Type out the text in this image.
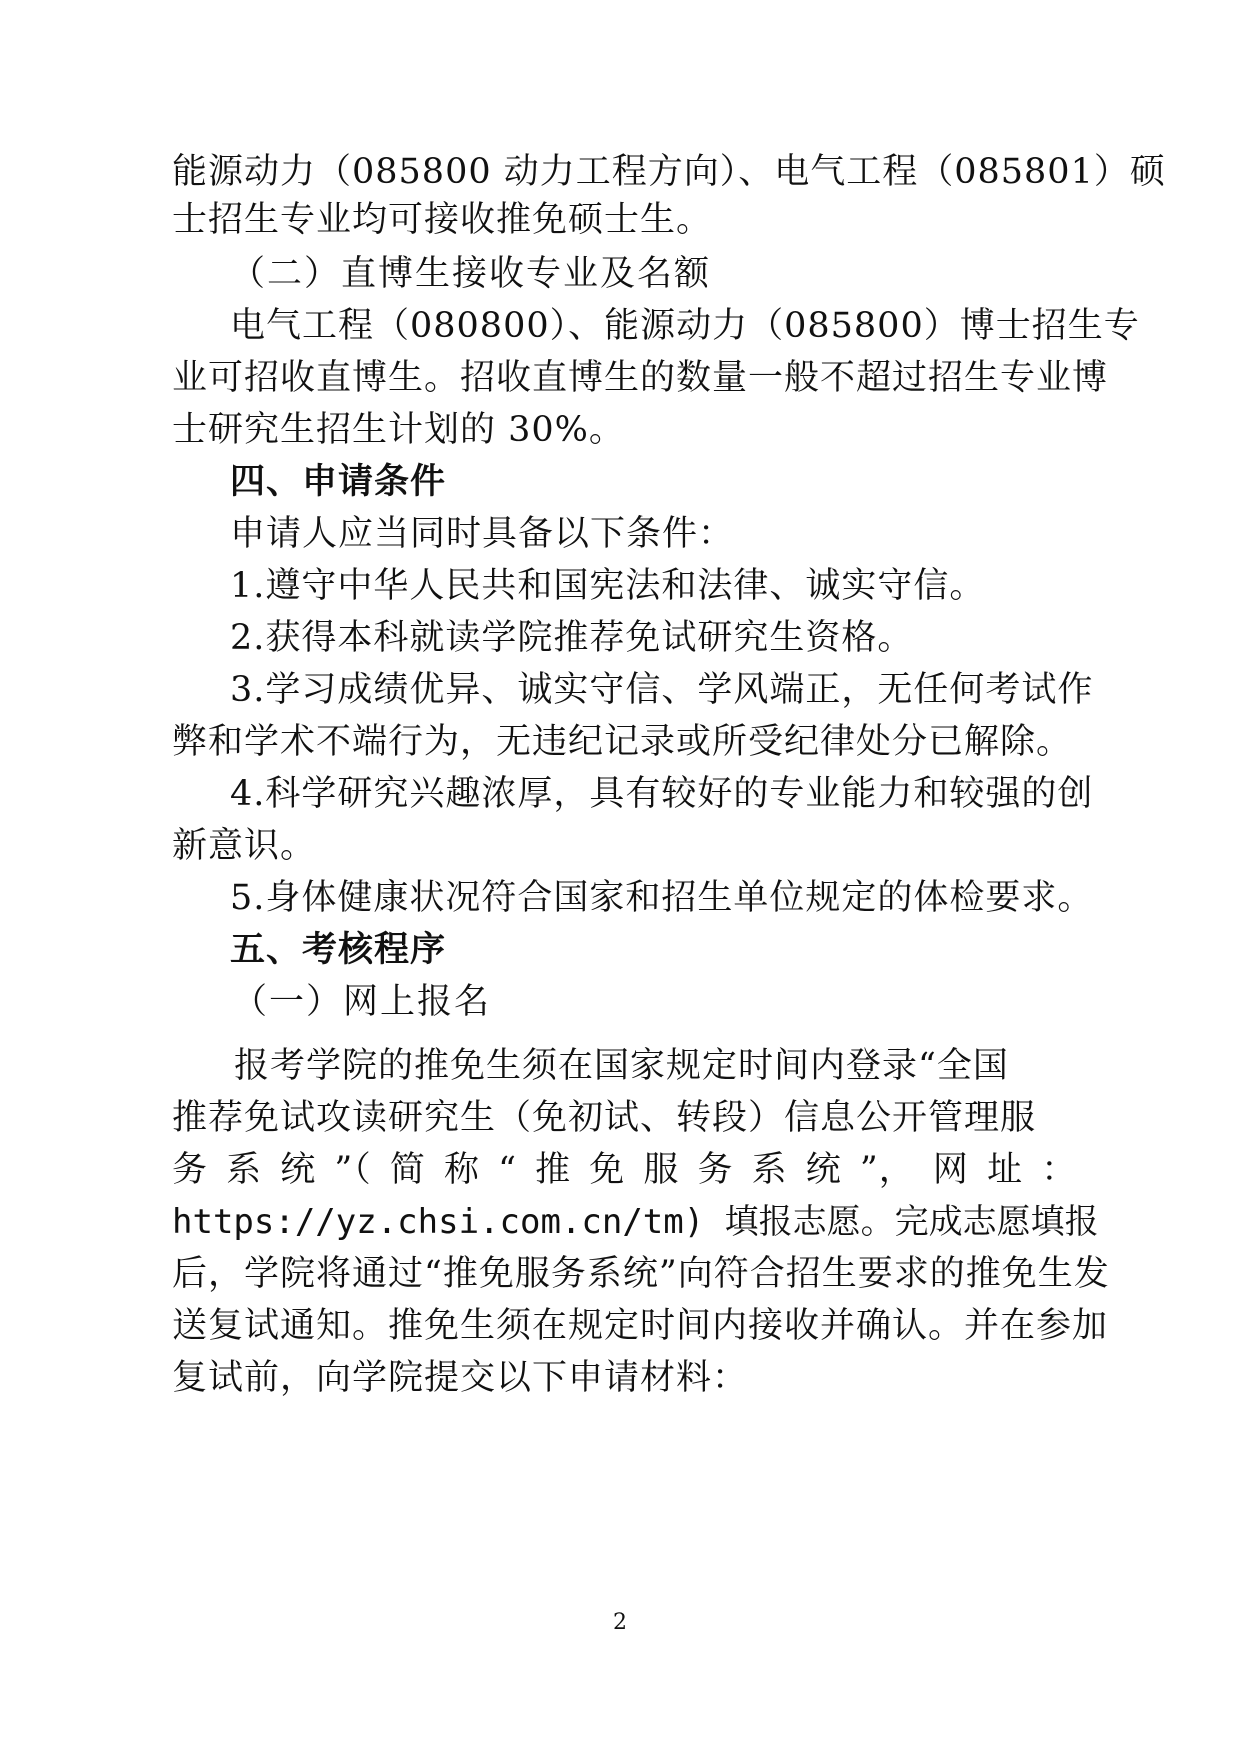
能源动力（085800 动力工程方向）、电气工程（085801）硕
士招生专业均可接收推免硕士生。
（二）直博生接收专业及名额
电气工程（080800）、能源动力（085800）博士招生专
业可招收直博生。招收直博生的数量一般不超过招生专业博
士研究生招生计划的 30%。
四、申请条件
申请人应当同时具备以下条件：
1.遵守中华人民共和国宪法和法律、诚实守信。
2.获得本科就读学院推荐免试研究生资格。
3.学习成绩优异、诚实守信、学风端正，无任何考试作
弊和学术不端行为，无违纪记录或所受纪律处分已解除。
4.科学研究兴趣浓厚，具有较好的专业能力和较强的创
新意识。
5.身体健康状况符合国家和招生单位规定的体检要求。
五、考核程序
（一）网上报名
报考学院的推免生须在国家规定时间内登录“全国
推荐免试攻读研究生（免初试、转段）信息公开管理服
务 系 统 ”（ 简 称 “ 推 免 服 务 系 统 ”， 网 址 ：
https://yz.chsi.com.cn/tm) 填报志愿。完成志愿填报
后，学院将通过“推免服务系统”向符合招生要求的推免生发
送复试通知。推免生须在规定时间内接收并确认。并在参加
复试前，向学院提交以下申请材料：
2
